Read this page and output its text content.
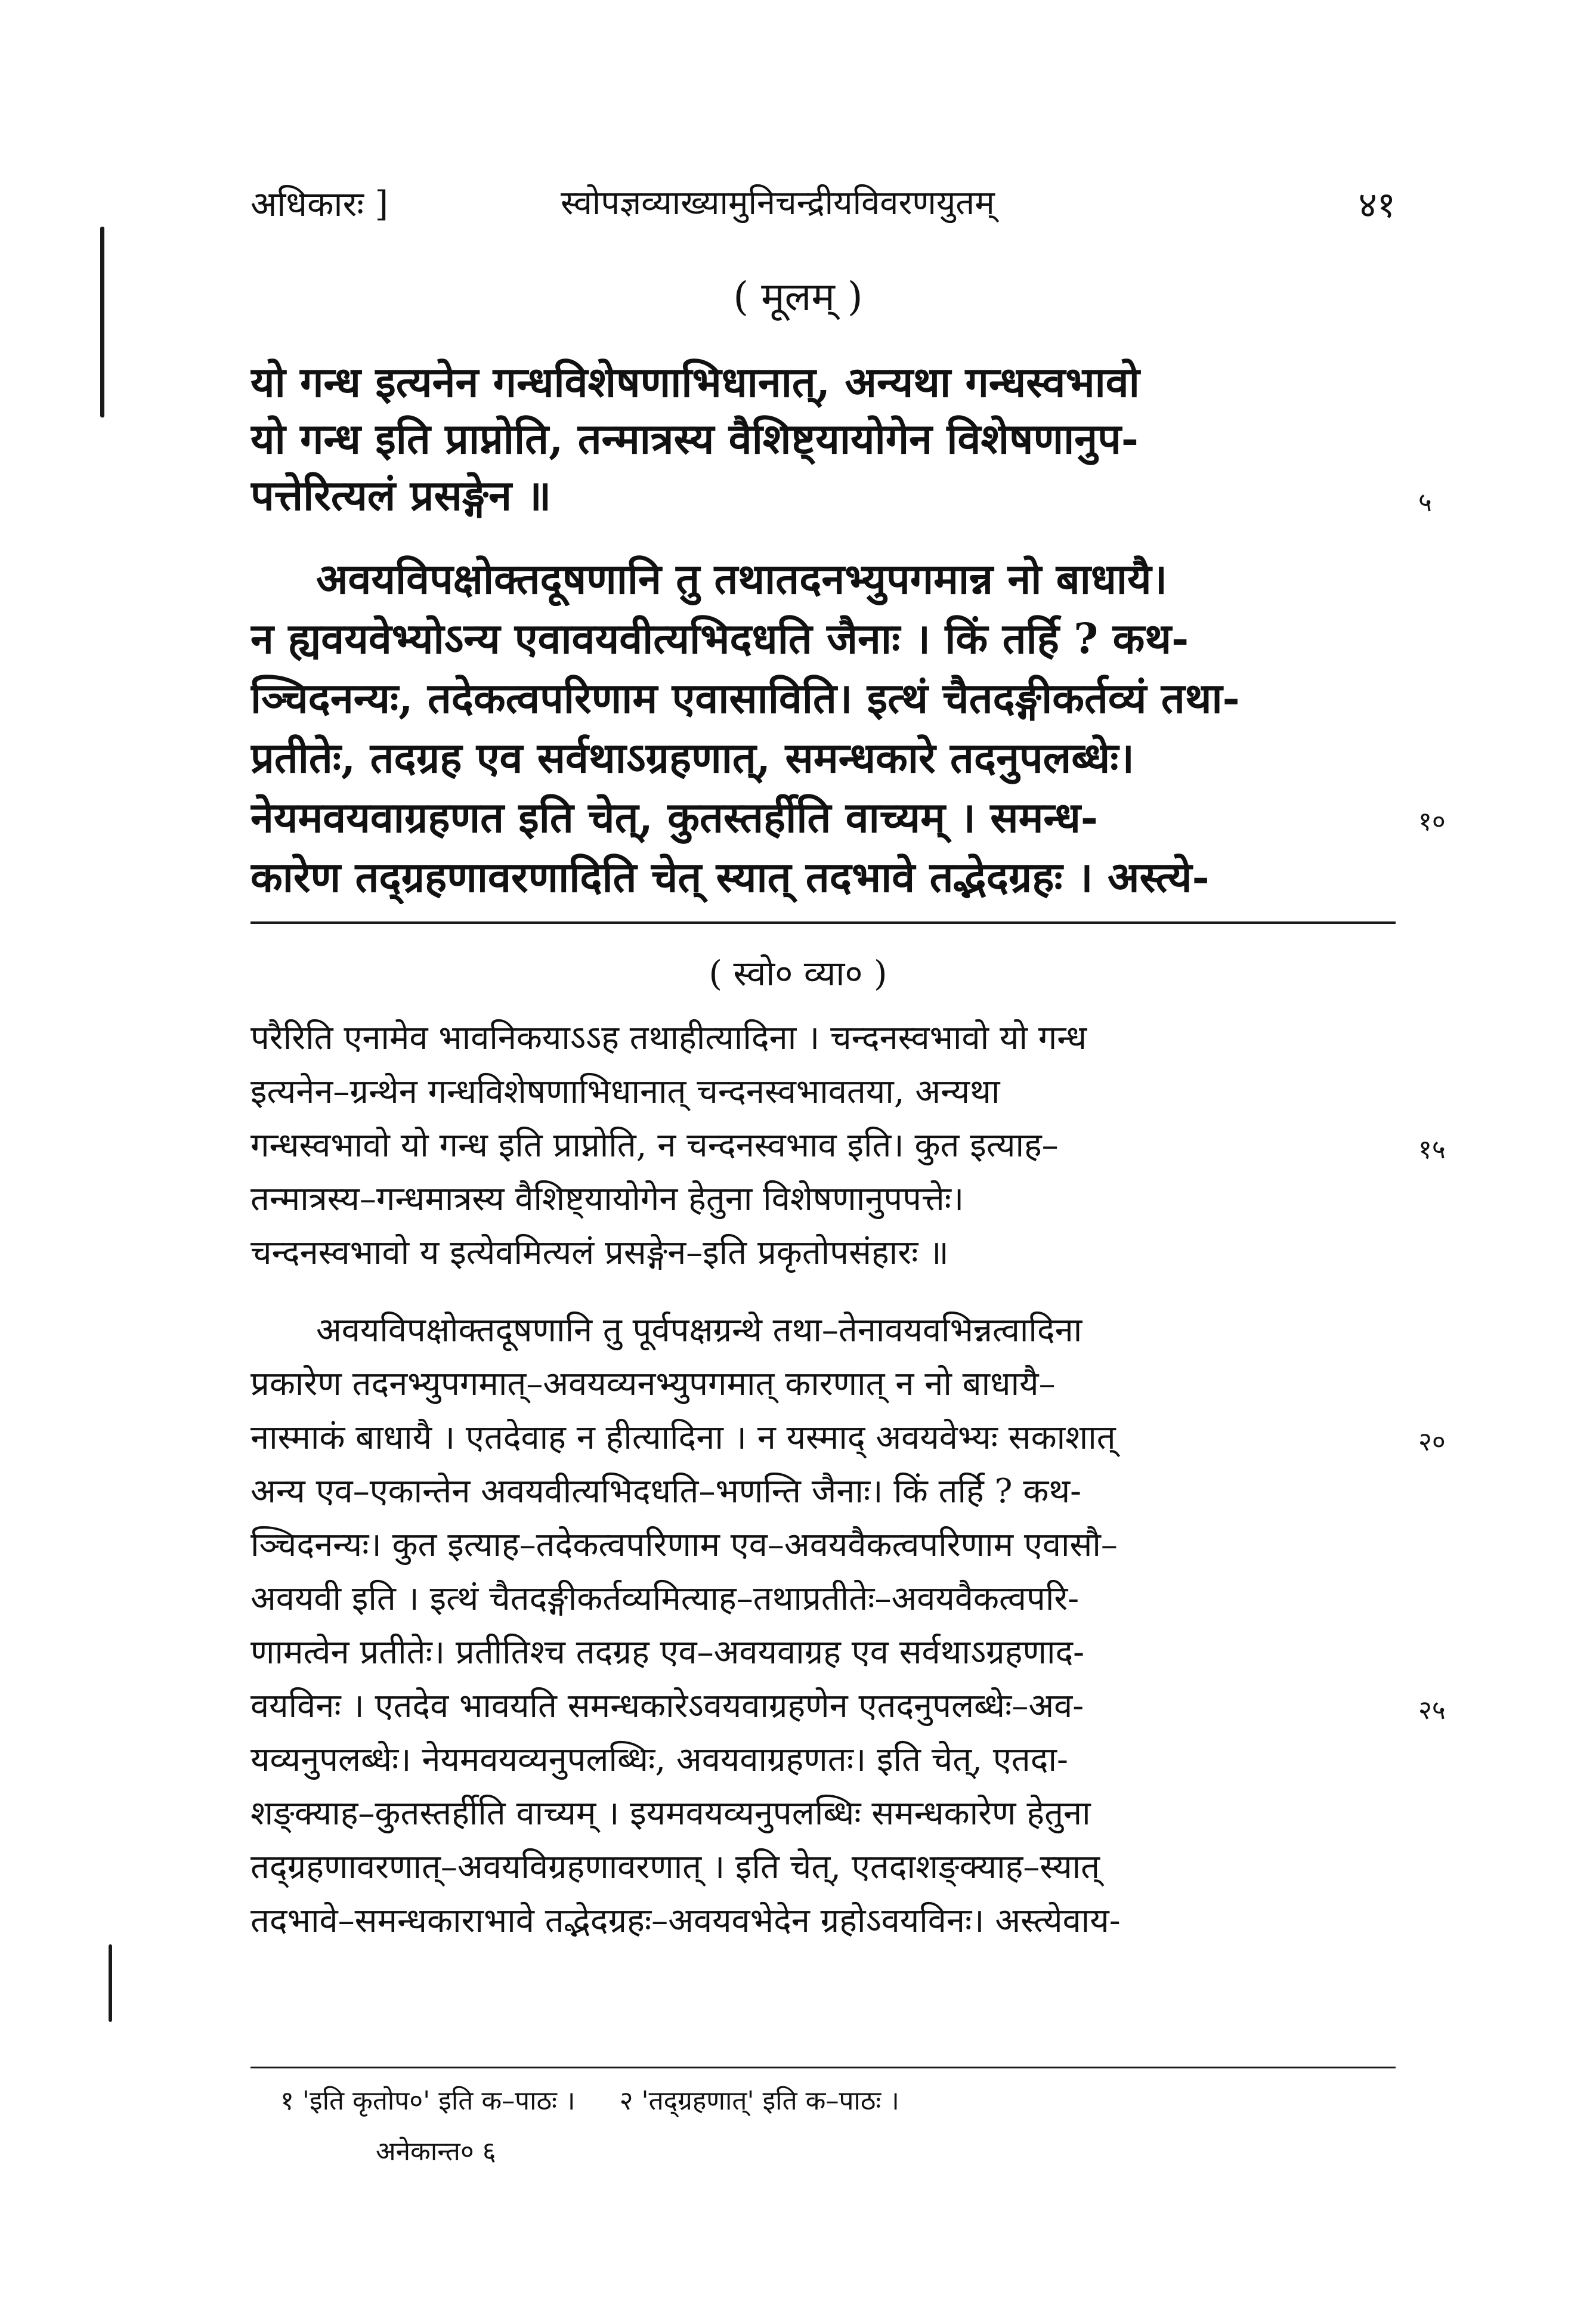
अधिकारः ]	स्वोपज्ञव्याख्यामुनिचन्द्रीयविवरणयुतम्	४१
( मूलम् )
यो गन्ध इत्यनेन गन्धविशेषणाभिधानात्, अन्यथा गन्धस्वभावो
यो गन्ध इति प्राप्नोति, तन्मात्रस्य वैशिष्ट्यायोगेन विशेषणानुप-
पत्तेरित्यलं प्रसङ्गेन ॥
अवयविपक्षोक्तदूषणानि तु तथातदनभ्युपगमान्न नो बाधायै।
न ह्यवयवेभ्योऽन्य एवावयवीत्यभिदधति जैनाः । किं तर्हि ? कथ-
ञ्चिदनन्यः, तदेकत्वपरिणाम एवासाविति। इत्थं चैतदङ्गीकर्तव्यं तथा-
प्रतीतेः, तदग्रह एव सर्वथाऽग्रहणात्, समन्धकारे तदनुपलब्धेः।
नेयमवयवाग्रहणत इति चेत्, कुतस्तर्हीति वाच्यम् । समन्ध-
कारेण तद्ग्रहणावरणादिति चेत् स्यात् तदभावे तद्भेदग्रहः । अस्त्ये-
५
१०
( स्वो० व्या० )
परैरिति एनामेव भावनिकयाऽऽह तथाहीत्यादिना । चन्दनस्वभावो यो गन्ध
इत्यनेन–ग्रन्थेन गन्धविशेषणाभिधानात् चन्दनस्वभावतया, अन्यथा
गन्धस्वभावो यो गन्ध इति प्राप्नोति, न चन्दनस्वभाव इति। कुत इत्याह–
तन्मात्रस्य–गन्धमात्रस्य वैशिष्ट्यायोगेन हेतुना विशेषणानुपपत्तेः।
चन्दनस्वभावो य इत्येवमित्यलं प्रसङ्गेन–इति प्रकृतोपसंहारः ॥
अवयविपक्षोक्तदूषणानि तु पूर्वपक्षग्रन्थे तथा–तेनावयवभिन्नत्वादिना
प्रकारेण तदनभ्युपगमात्–अवयव्यनभ्युपगमात् कारणात् न नो बाधायै–
नास्माकं बाधायै । एतदेवाह न हीत्यादिना । न यस्माद् अवयवेभ्यः सकाशात्
अन्य एव–एकान्तेन अवयवीत्यभिदधति–भणन्ति जैनाः। किं तर्हि ? कथ-
ञ्चिदनन्यः। कुत इत्याह–तदेकत्वपरिणाम एव–अवयवैकत्वपरिणाम एवासौ–
अवयवी इति । इत्थं चैतदङ्गीकर्तव्यमित्याह–तथाप्रतीतेः–अवयवैकत्वपरि-
णामत्वेन प्रतीतेः। प्रतीतिश्च तदग्रह एव–अवयवाग्रह एव सर्वथाऽग्रहणाद-
वयविनः । एतदेव भावयति समन्धकारेऽवयवाग्रहणेन एतदनुपलब्धेः–अव-
यव्यनुपलब्धेः। नेयमवयव्यनुपलब्धिः, अवयवाग्रहणतः। इति चेत्, एतदा-
शङ्क्याह–कुतस्तर्हीति वाच्यम् । इयमवयव्यनुपलब्धिः समन्धकारेण हेतुना
तद्ग्रहणावरणात्–अवयविग्रहणावरणात् । इति चेत्, एतदाशङ्क्याह–स्यात्
तदभावे–समन्धकाराभावे तद्भेदग्रहः–अवयवभेदेन ग्रहोऽवयविनः। अस्त्येवाय-
१५
२०
२५
१ 'इति कृतोप०' इति क–पाठः । २ 'तद्ग्रहणात्' इति क–पाठः ।
अनेकान्त० ६
